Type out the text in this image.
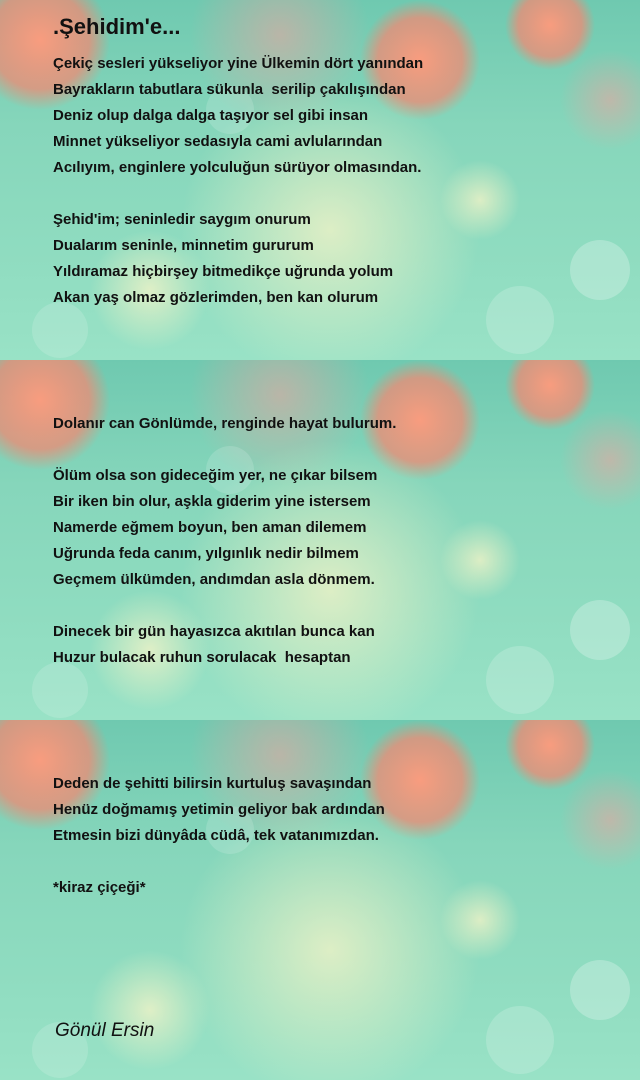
.Şehidim'e...
Çekiç sesleri yükseliyor yine Ülkemin dört yanından
Bayrakların tabutlara sükunla  serilip çakılışından
Deniz olup dalga dalga taşıyor sel gibi insan
Minnet yükseliyor sedasıyla cami avlularından
Acılıyım, enginlere yolculuğun sürüyor olmasından.
Şehid'im; seninledir saygım onurum
Dualarım seninle, minnetim gururum
Yıldıramaz hiçbirşey bitmedikçe uğrunda yolum
Akan yaş olmaz gözlerimden, ben kan olurum
Dolanır can Gönlümde, renginde hayat bulurum.
Ölüm olsa son gideceğim yer, ne çıkar bilsem
Bir iken bin olur, aşkla giderim yine istersem
Namerde eğmem boyun, ben aman dilemem
Uğrunda feda canım, yılgınlık nedir bilmem
Geçmem ülkümden, andımdan asla dönmem.
Dinecek bir gün hayasızca akıtılan bunca kan
Huzur bulacak ruhun sorulacak  hesaptan
Deden de şehitti bilirsin kurtuluş savaşından
Henüz doğmamış yetimin geliyor bak ardından
Etmesin bizi dünyâda cüdâ, tek vatanımızdan.
*kiraz çiçeği*
Gönül Ersin
